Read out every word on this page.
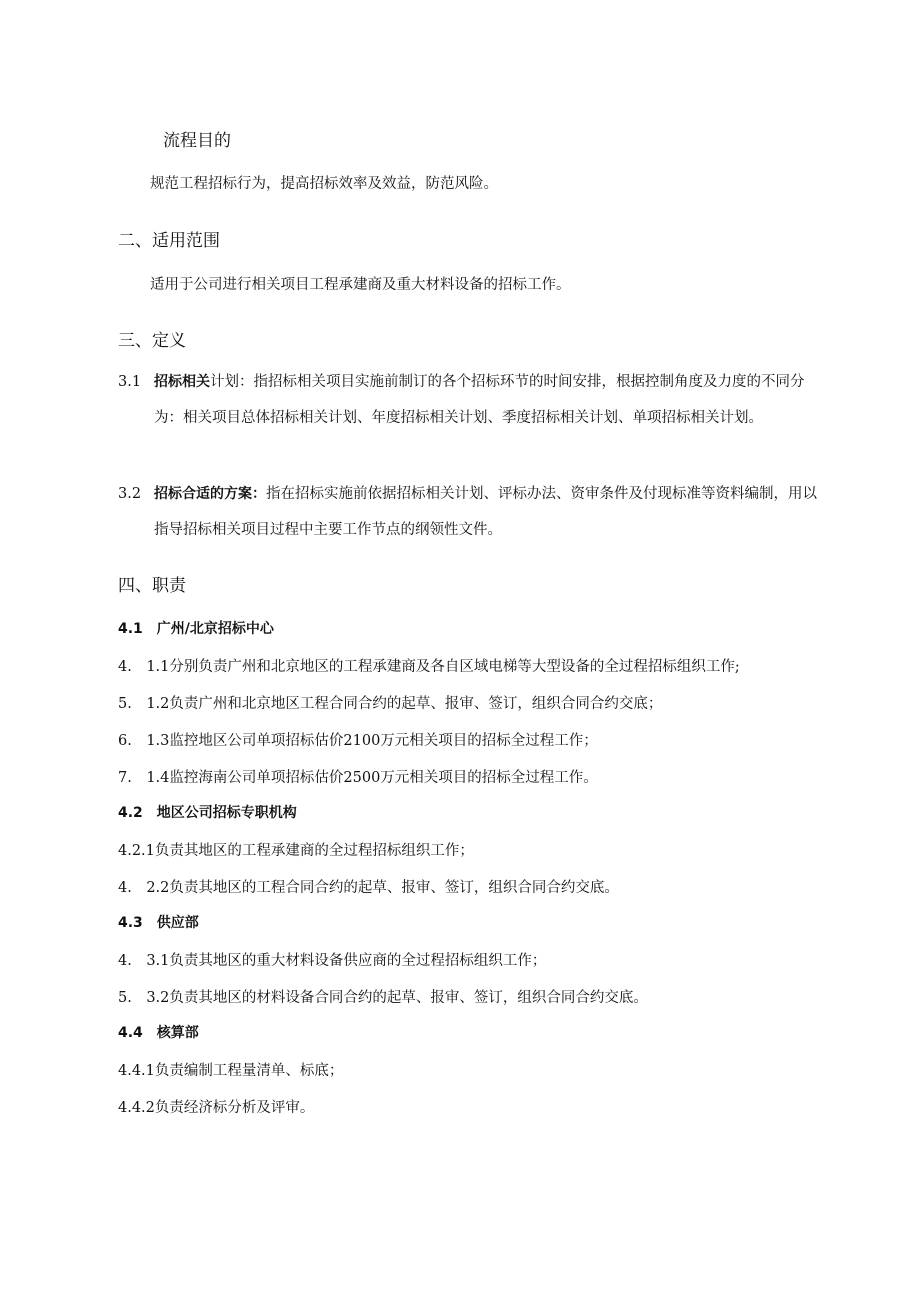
流程目的
规范工程招标行为，提高招标效率及效益，防范风险。
二、适用范围
适用于公司进行相关项目工程承建商及重大材料设备的招标工作。
三、定义
3.1 招标相关计划：指招标相关项目实施前制订的各个招标环节的时间安排，根据控制角度及力度的不同分为：相关项目总体招标相关计划、年度招标相关计划、季度招标相关计划、单项招标相关计划。
3.2 招标合适的方案：指在招标实施前依据招标相关计划、评标办法、资审条件及付现标准等资料编制，用以指导招标相关项目过程中主要工作节点的纲领性文件。
四、职责
4.1　广州/北京招标中心
4.　1.1分别负责广州和北京地区的工程承建商及各自区域电梯等大型设备的全过程招标组织工作;
5.　1.2负责广州和北京地区工程合同合约的起草、报审、签订，组织合同合约交底；
6.　1.3监控地区公司单项招标估价2100万元相关项目的招标全过程工作；
7.　1.4监控海南公司单项招标估价2500万元相关项目的招标全过程工作。
4.2　地区公司招标专职机构
4.2.1负责其地区的工程承建商的全过程招标组织工作；
4.　2.2负责其地区的工程合同合约的起草、报审、签订，组织合同合约交底。
4.3　供应部
4.　3.1负责其地区的重大材料设备供应商的全过程招标组织工作；
5.　3.2负责其地区的材料设备合同合约的起草、报审、签订，组织合同合约交底。
4.4　核算部
4.4.1负责编制工程量清单、标底；
4.4.2负责经济标分析及评审。
